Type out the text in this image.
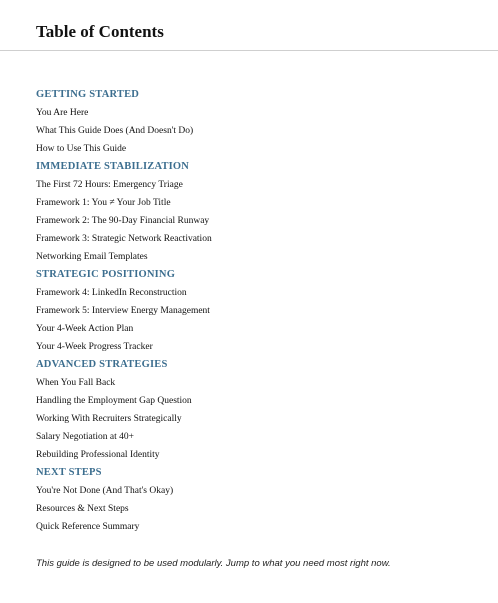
Table of Contents
GETTING STARTED
You Are Here
What This Guide Does (And Doesn't Do)
How to Use This Guide
IMMEDIATE STABILIZATION
The First 72 Hours: Emergency Triage
Framework 1: You ≠ Your Job Title
Framework 2: The 90-Day Financial Runway
Framework 3: Strategic Network Reactivation
Networking Email Templates
STRATEGIC POSITIONING
Framework 4: LinkedIn Reconstruction
Framework 5: Interview Energy Management
Your 4-Week Action Plan
Your 4-Week Progress Tracker
ADVANCED STRATEGIES
When You Fall Back
Handling the Employment Gap Question
Working With Recruiters Strategically
Salary Negotiation at 40+
Rebuilding Professional Identity
NEXT STEPS
You're Not Done (And That's Okay)
Resources & Next Steps
Quick Reference Summary
This guide is designed to be used modularly. Jump to what you need most right now.
